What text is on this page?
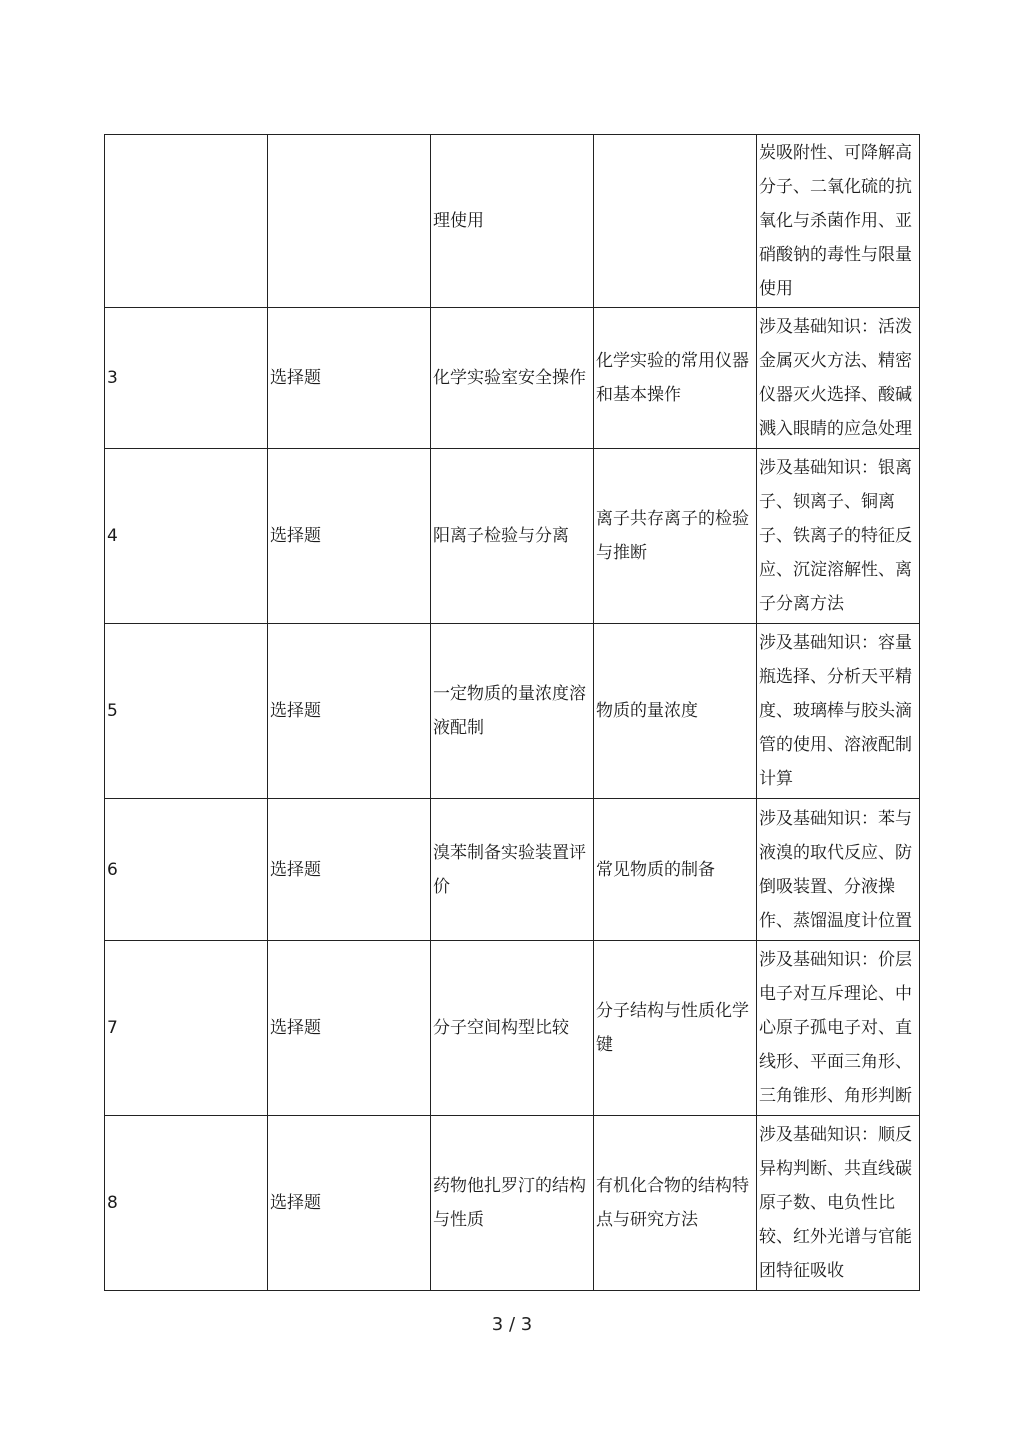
		理使用		炭吸附性、可降解高分子、二氧化硫的抗氧化与杀菌作用、亚硝酸钠的毒性与限量使用
3	选择题	化学实验室安全操作	化学实验的常用仪器和基本操作	涉及基础知识：活泼金属灭火方法、精密仪器灭火选择、酸碱溅入眼睛的应急处理
4	选择题	阳离子检验与分离	离子共存离子的检验与推断	涉及基础知识：银离子、钡离子、铜离子、铁离子的特征反应、沉淀溶解性、离子分离方法
5	选择题	一定物质的量浓度溶液配制	物质的量浓度	涉及基础知识：容量瓶选择、分析天平精度、玻璃棒与胶头滴管的使用、溶液配制计算
6	选择题	溴苯制备实验装置评价	常见物质的制备	涉及基础知识：苯与液溴的取代反应、防倒吸装置、分液操作、蒸馏温度计位置
7	选择题	分子空间构型比较	分子结构与性质化学键	涉及基础知识：价层电子对互斥理论、中心原子孤电子对、直线形、平面三角形、三角锥形、角形判断
8	选择题	药物他扎罗汀的结构与性质	有机化合物的结构特点与研究方法	涉及基础知识：顺反异构判断、共直线碳原子数、电负性比较、红外光谱与官能团特征吸收
3 / 3
